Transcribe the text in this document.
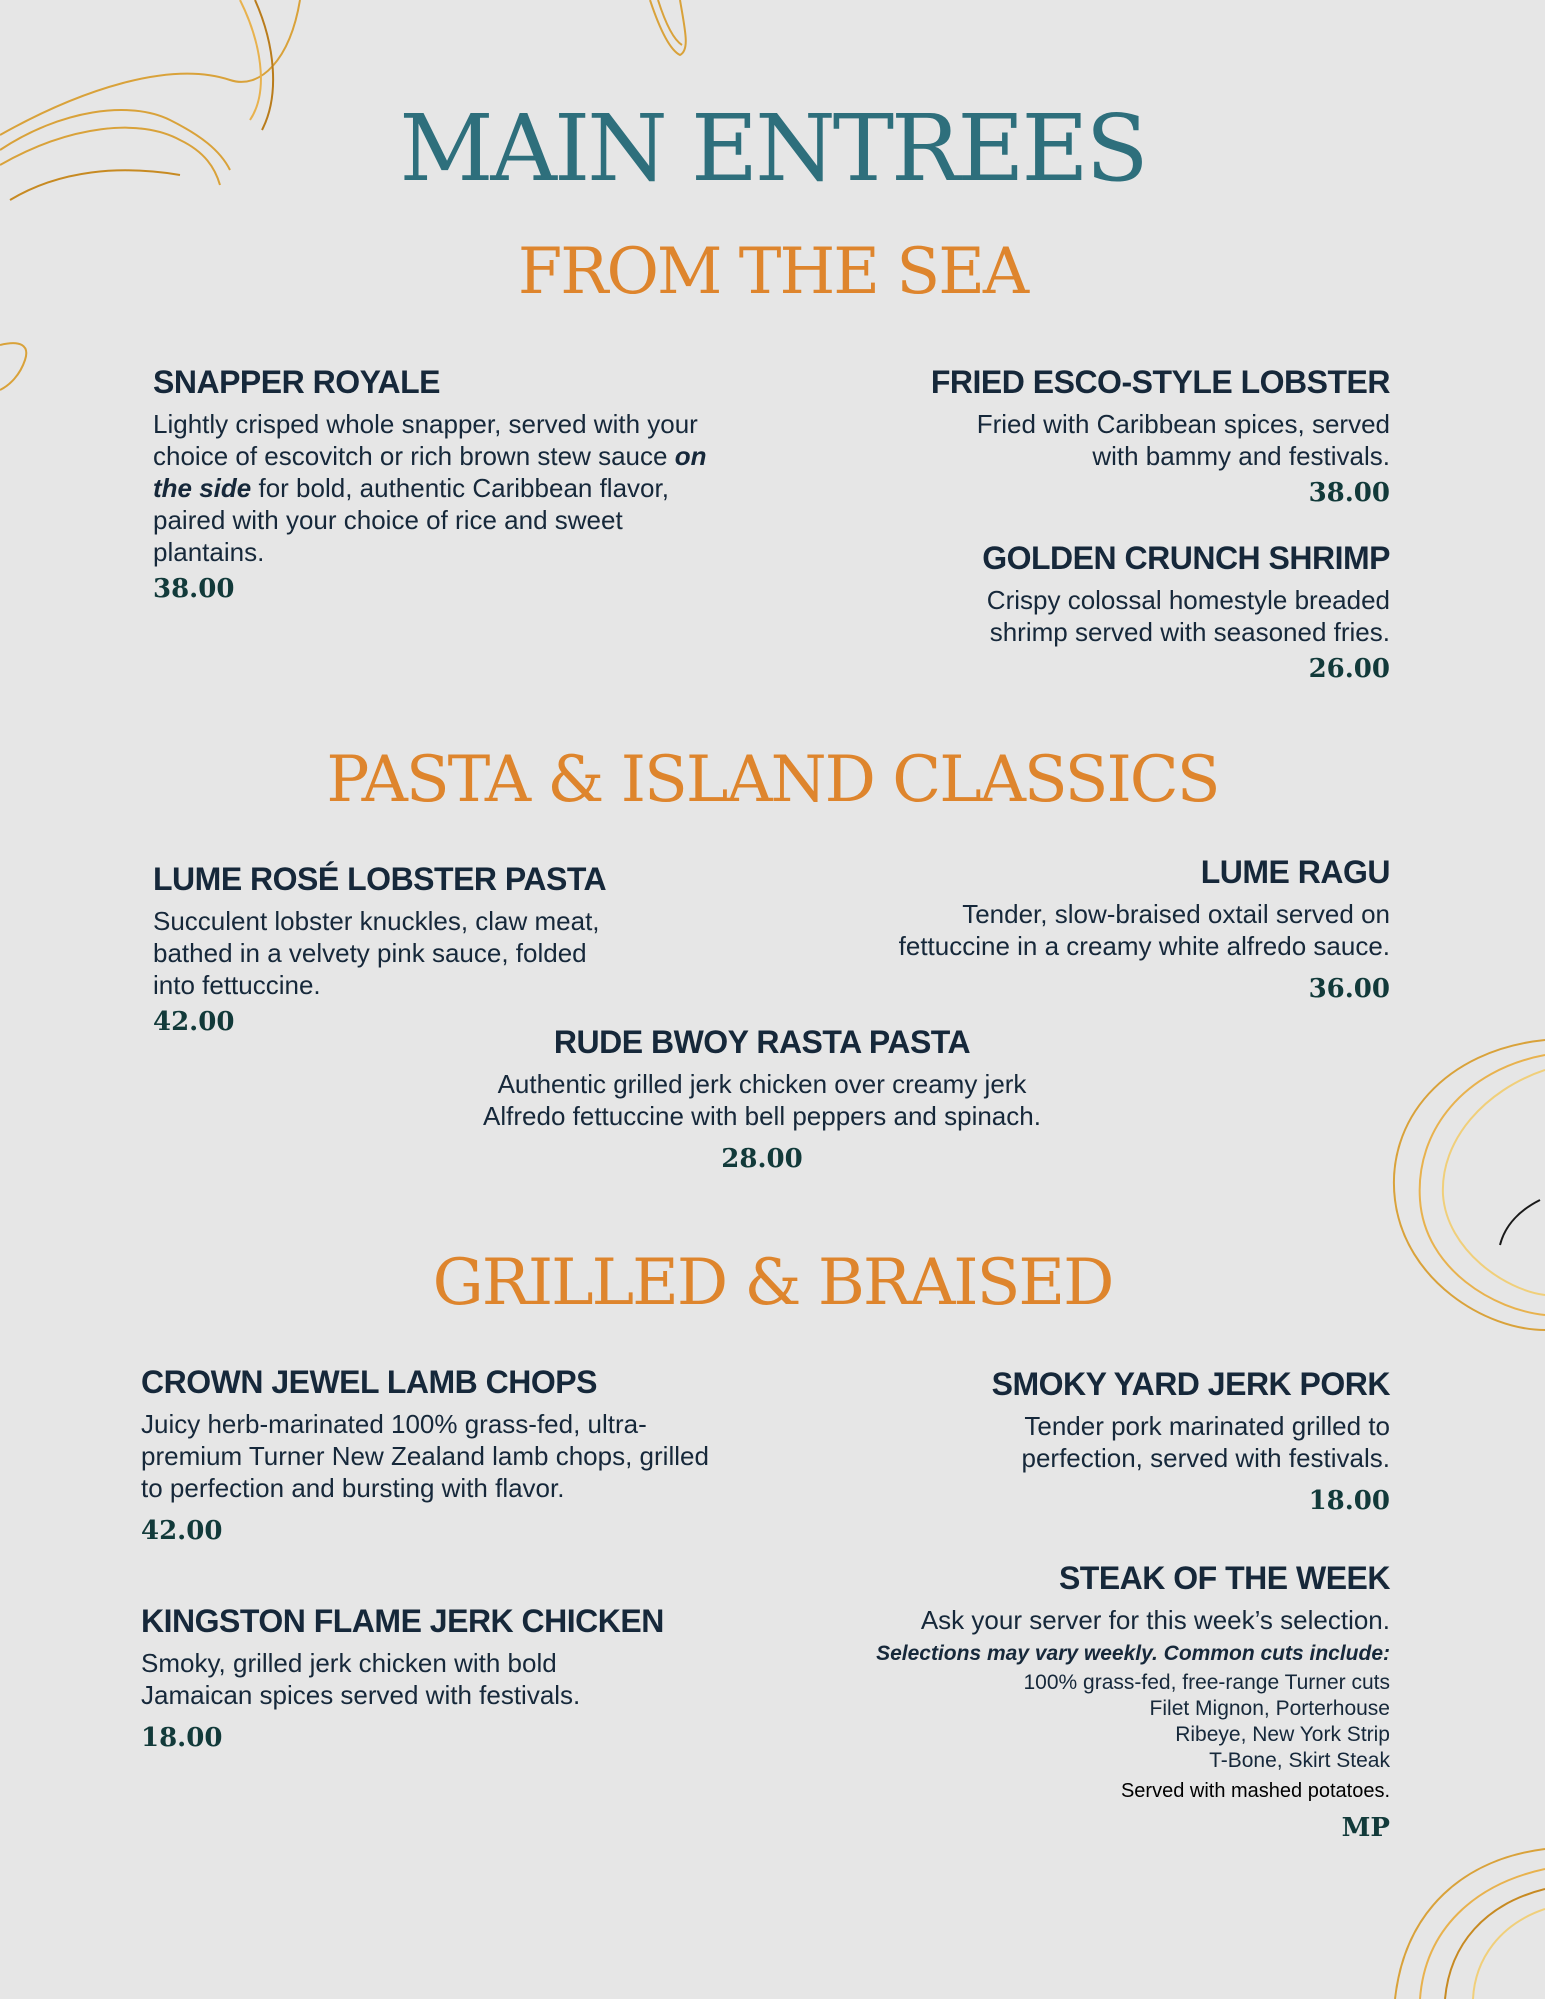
MAIN ENTREES
FROM THE SEA
SNAPPER ROYALE

Lightly crisped whole snapper, served with your choice of escovitch or rich brown stew sauce on the side for bold, authentic Caribbean flavor, paired with your choice of rice and sweet plantains.

38.00
FRIED ESCO-STYLE LOBSTER

Fried with Caribbean spices, served
with bammy and festivals.

38.00
GOLDEN CRUNCH SHRIMP

Crispy colossal homestyle breaded
shrimp served with seasoned fries.

26.00
PASTA & ISLAND CLASSICS
LUME ROSÉ LOBSTER PASTA

Succulent lobster knuckles, claw meat,
bathed in a velvety pink sauce, folded
into fettuccine.

42.00
LUME RAGU

Tender, slow-braised oxtail served on
fettuccine in a creamy white alfredo sauce.

36.00
RUDE BWOY RASTA PASTA

Authentic grilled jerk chicken over creamy jerk
Alfredo fettuccine with bell peppers and spinach.

28.00
GRILLED & BRAISED
CROWN JEWEL LAMB CHOPS

Juicy herb-marinated 100% grass-fed, ultra-
premium Turner New Zealand lamb chops, grilled
to perfection and bursting with flavor.

42.00
SMOKY YARD JERK PORK

Tender pork marinated grilled to
perfection, served with festivals.

18.00
KINGSTON FLAME JERK CHICKEN

Smoky, grilled jerk chicken with bold
Jamaican spices served with festivals.

18.00
STEAK OF THE WEEK

Ask your server for this week’s selection.

Selections may vary weekly. Common cuts include:

100% grass-fed, free-range Turner cuts

Filet Mignon, Porterhouse

Ribeye, New York Strip

T-Bone, Skirt Steak

Served with mashed potatoes.
MP
